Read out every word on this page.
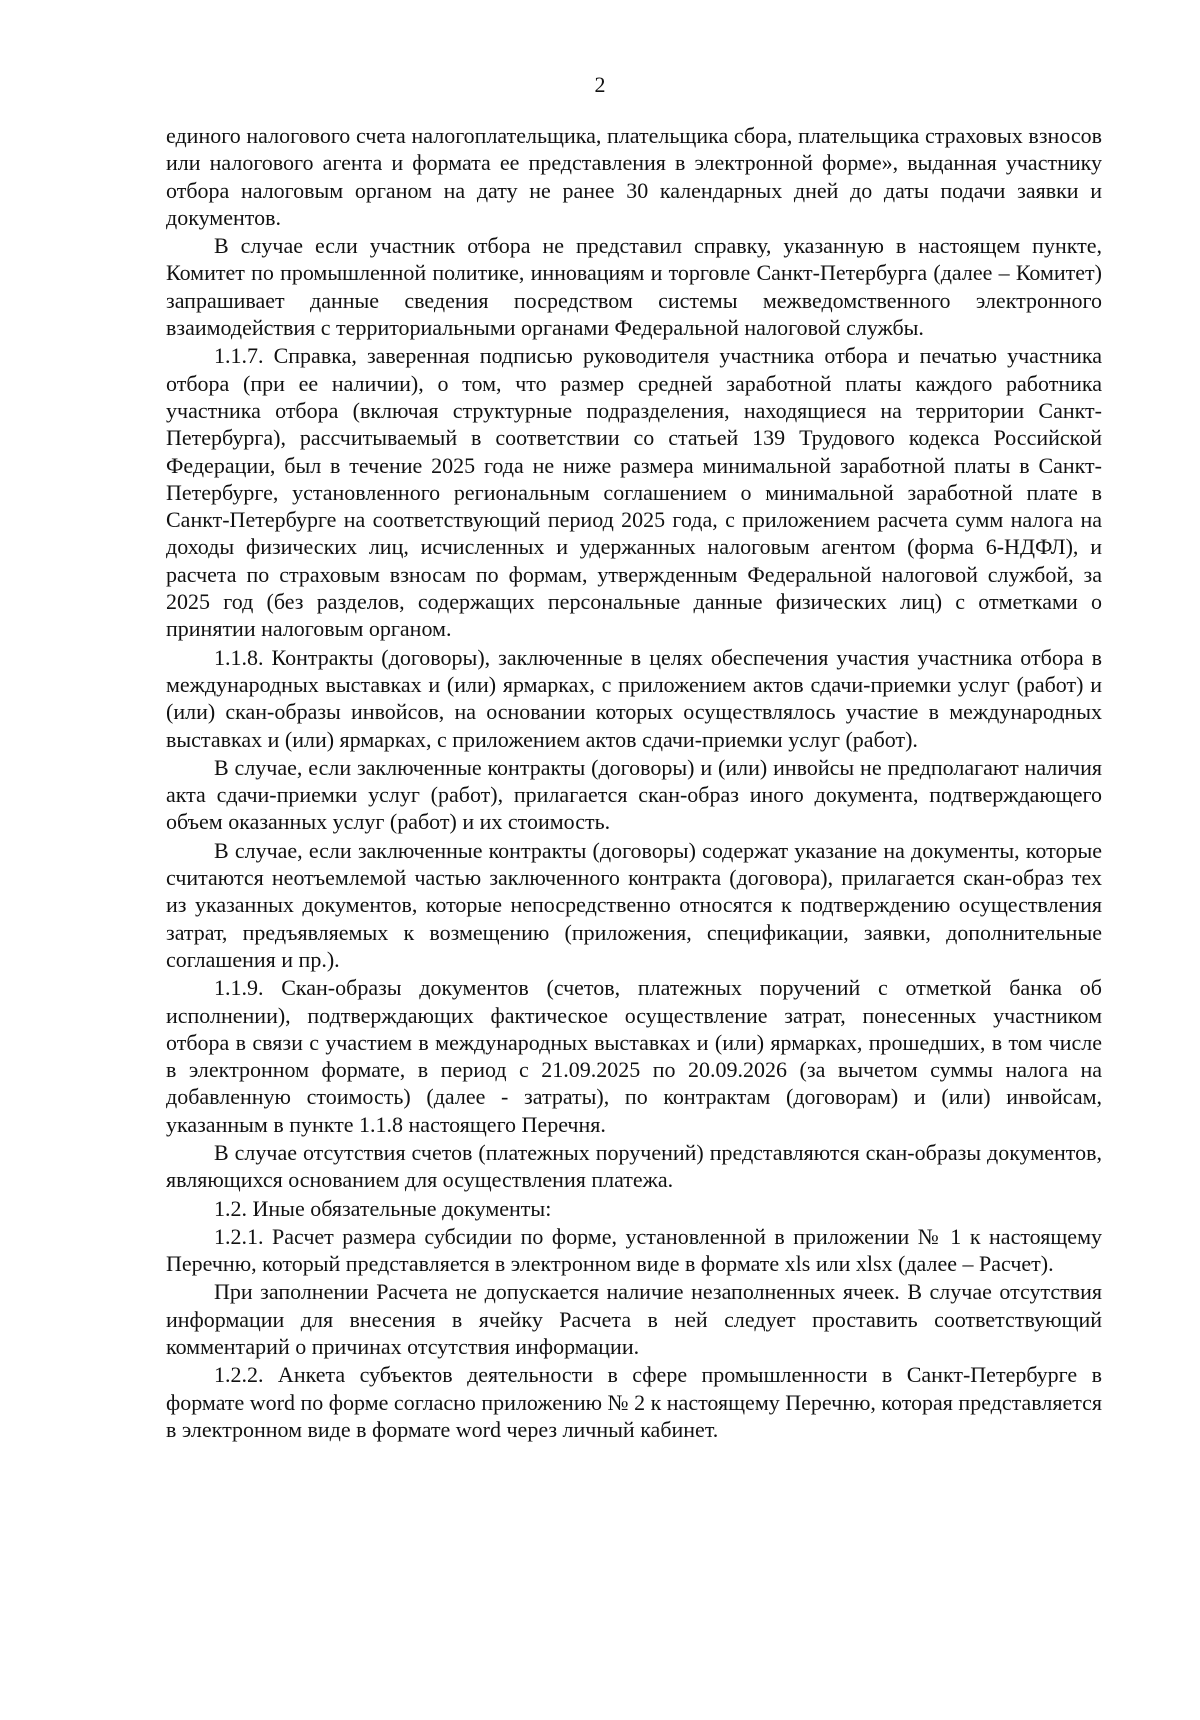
2

единого налогового счета налогоплательщика, плательщика сбора, плательщика страховых взносов или налогового агента и формата ее представления в электронной форме», выданная участнику отбора налоговым органом на дату не ранее 30 календарных дней до даты подачи заявки и документов.

В случае если участник отбора не представил справку, указанную в настоящем пункте, Комитет по промышленной политике, инновациям и торговле Санкт-Петербурга (далее – Комитет) запрашивает данные сведения посредством системы межведомственного электронного взаимодействия с территориальными органами Федеральной налоговой службы.

1.1.7. Справка, заверенная подписью руководителя участника отбора и печатью участника отбора (при ее наличии), о том, что размер средней заработной платы каждого работника участника отбора (включая структурные подразделения, находящиеся на территории Санкт-Петербурга), рассчитываемый в соответствии со статьей 139 Трудового кодекса Российской Федерации, был в течение 2025 года не ниже размера минимальной заработной платы в Санкт-Петербурге, установленного региональным соглашением о минимальной заработной плате в Санкт-Петербурге на соответствующий период 2025 года, с приложением расчета сумм налога на доходы физических лиц, исчисленных и удержанных налоговым агентом (форма 6-НДФЛ), и расчета по страховым взносам по формам, утвержденным Федеральной налоговой службой, за 2025 год (без разделов, содержащих персональные данные физических лиц) с отметками о принятии налоговым органом.

1.1.8. Контракты (договоры), заключенные в целях обеспечения участия участника отбора в международных выставках и (или) ярмарках, с приложением актов сдачи-приемки услуг (работ) и (или) скан-образы инвойсов, на основании которых осуществлялось участие в международных выставках и (или) ярмарках, с приложением актов сдачи-приемки услуг (работ).

В случае, если заключенные контракты (договоры) и (или) инвойсы не предполагают наличия акта сдачи-приемки услуг (работ), прилагается скан-образ иного документа, подтверждающего объем оказанных услуг (работ) и их стоимость.

В случае, если заключенные контракты (договоры) содержат указание на документы, которые считаются неотъемлемой частью заключенного контракта (договора), прилагается скан-образ тех из указанных документов, которые непосредственно относятся к подтверждению осуществления затрат, предъявляемых к возмещению (приложения, спецификации, заявки, дополнительные соглашения и пр.).

1.1.9. Скан-образы документов (счетов, платежных поручений с отметкой банка об исполнении), подтверждающих фактическое осуществление затрат, понесенных участником отбора в связи с участием в международных выставках и (или) ярмарках, прошедших, в том числе в электронном формате, в период с 21.09.2025 по 20.09.2026 (за вычетом суммы налога на добавленную стоимость) (далее - затраты), по контрактам (договорам) и (или) инвойсам, указанным в пункте 1.1.8 настоящего Перечня.

В случае отсутствия счетов (платежных поручений) представляются скан-образы документов, являющихся основанием для осуществления платежа.

1.2. Иные обязательные документы:

1.2.1. Расчет размера субсидии по форме, установленной в приложении № 1 к настоящему Перечню, который представляется в электронном виде в формате xls или xlsx (далее – Расчет).

При заполнении Расчета не допускается наличие незаполненных ячеек. В случае отсутствия информации для внесения в ячейку Расчета в ней следует проставить соответствующий комментарий о причинах отсутствия информации.

1.2.2. Анкета субъектов деятельности в сфере промышленности в Санкт-Петербурге в формате word по форме согласно приложению № 2 к настоящему Перечню, которая представляется в электронном виде в формате word через личный кабинет.
